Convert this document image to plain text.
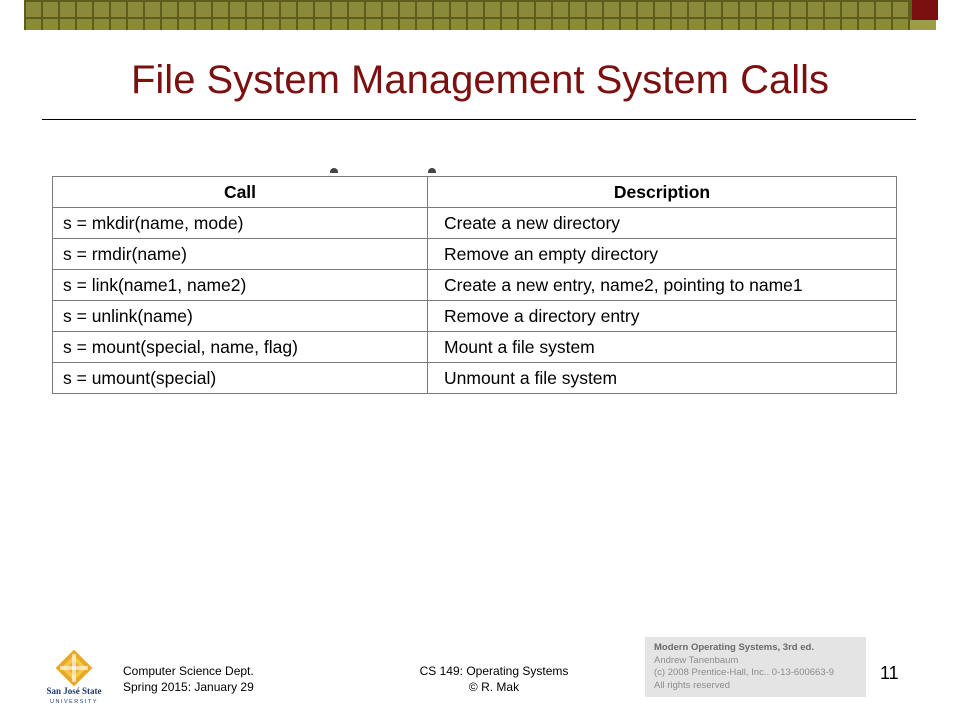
File System Management System Calls
Call	Description
s = mkdir(name, mode)	Create a new directory
s = rmdir(name)	Remove an empty directory
s = link(name1, name2)	Create a new entry, name2, pointing to name1
s = unlink(name)	Remove a directory entry
s = mount(special, name, flag)	Mount a file system
s = umount(special)	Unmount a file system
San José State
UNIVERSITY
Computer Science Dept.
Spring 2015: January 29
CS 149: Operating Systems
© R. Mak
Modern Operating Systems, 3rd ed.
Andrew Tanenbaum
(c) 2008 Prentice-Hall, Inc.. 0-13-600663-9
All rights reserved
11
